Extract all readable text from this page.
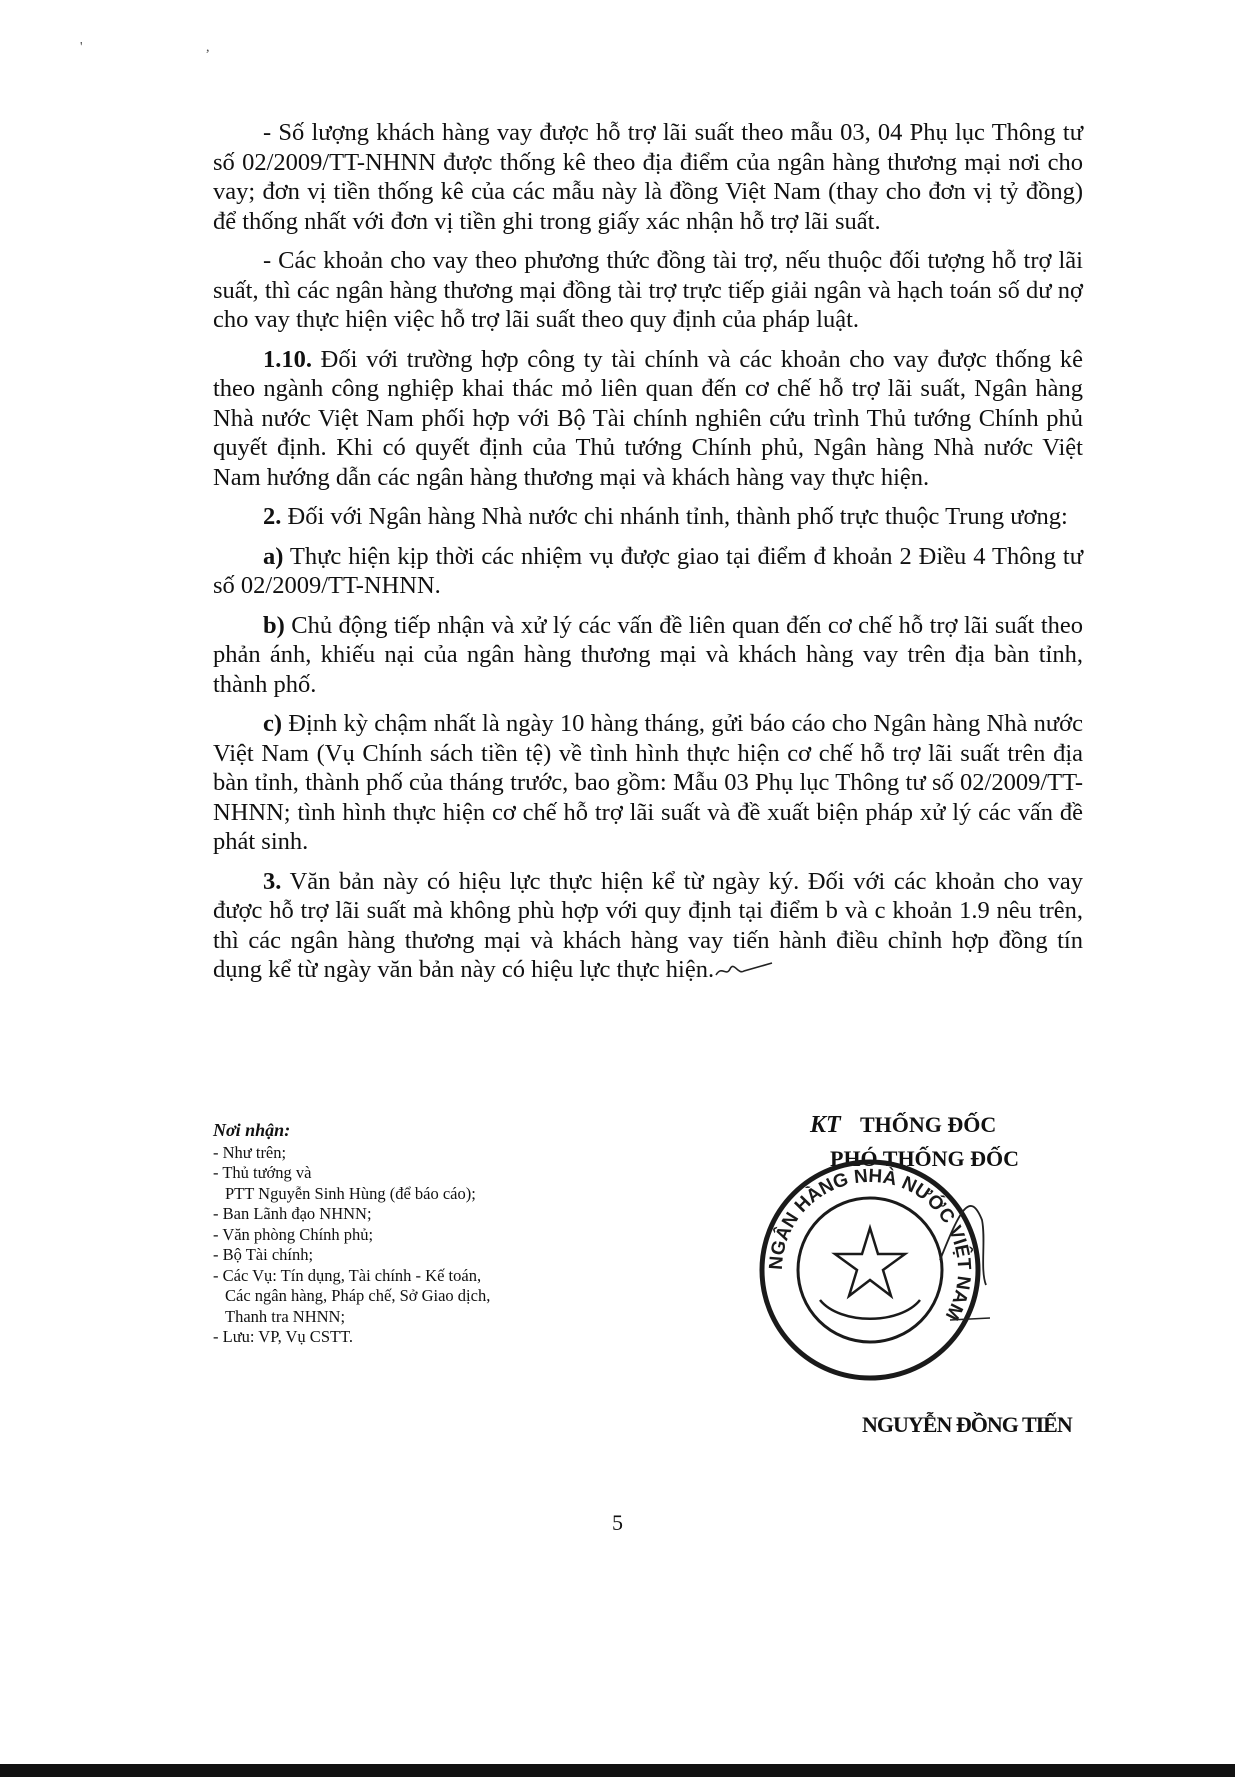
' ,

- Số lượng khách hàng vay được hỗ trợ lãi suất theo mẫu 03, 04 Phụ lục Thông tư số 02/2009/TT-NHNN được thống kê theo địa điểm của ngân hàng thương mại nơi cho vay; đơn vị tiền thống kê của các mẫu này là đồng Việt Nam (thay cho đơn vị tỷ đồng) để thống nhất với đơn vị tiền ghi trong giấy xác nhận hỗ trợ lãi suất.

- Các khoản cho vay theo phương thức đồng tài trợ, nếu thuộc đối tượng hỗ trợ lãi suất, thì các ngân hàng thương mại đồng tài trợ trực tiếp giải ngân và hạch toán số dư nợ cho vay thực hiện việc hỗ trợ lãi suất theo quy định của pháp luật.

1.10. Đối với trường hợp công ty tài chính và các khoản cho vay được thống kê theo ngành công nghiệp khai thác mỏ liên quan đến cơ chế hỗ trợ lãi suất, Ngân hàng Nhà nước Việt Nam phối hợp với Bộ Tài chính nghiên cứu trình Thủ tướng Chính phủ quyết định. Khi có quyết định của Thủ tướng Chính phủ, Ngân hàng Nhà nước Việt Nam hướng dẫn các ngân hàng thương mại và khách hàng vay thực hiện.

2. Đối với Ngân hàng Nhà nước chi nhánh tỉnh, thành phố trực thuộc Trung ương:

a) Thực hiện kịp thời các nhiệm vụ được giao tại điểm đ khoản 2 Điều 4 Thông tư số 02/2009/TT-NHNN.

b) Chủ động tiếp nhận và xử lý các vấn đề liên quan đến cơ chế hỗ trợ lãi suất theo phản ánh, khiếu nại của ngân hàng thương mại và khách hàng vay trên địa bàn tỉnh, thành phố.

c) Định kỳ chậm nhất là ngày 10 hàng tháng, gửi báo cáo cho Ngân hàng Nhà nước Việt Nam (Vụ Chính sách tiền tệ) về tình hình thực hiện cơ chế hỗ trợ lãi suất trên địa bàn tỉnh, thành phố của tháng trước, bao gồm: Mẫu 03 Phụ lục Thông tư số 02/2009/TT-NHNN; tình hình thực hiện cơ chế hỗ trợ lãi suất và đề xuất biện pháp xử lý các vấn đề phát sinh.

3. Văn bản này có hiệu lực thực hiện kể từ ngày ký. Đối với các khoản cho vay được hỗ trợ lãi suất mà không phù hợp với quy định tại điểm b và c khoản 1.9 nêu trên, thì các ngân hàng thương mại và khách hàng vay tiến hành điều chỉnh hợp đồng tín dụng kể từ ngày văn bản này có hiệu lực thực hiện.

Nơi nhận:
- Như trên;
- Thủ tướng và
PTT Nguyễn Sinh Hùng (để báo cáo);
- Ban Lãnh đạo NHNN;
- Văn phòng Chính phủ;
- Bộ Tài chính;
- Các Vụ: Tín dụng, Tài chính - Kế toán,
Các ngân hàng, Pháp chế, Sở Giao dịch,
Thanh tra NHNN;
- Lưu: VP, Vụ CSTT.
KT THỐNG ĐỐC
PHÓ THỐNG ĐỐC
NGÂN HÀNG NHÀ NƯỚC VIỆT NAM
NGUYỄN ĐỒNG TIẾN
5
